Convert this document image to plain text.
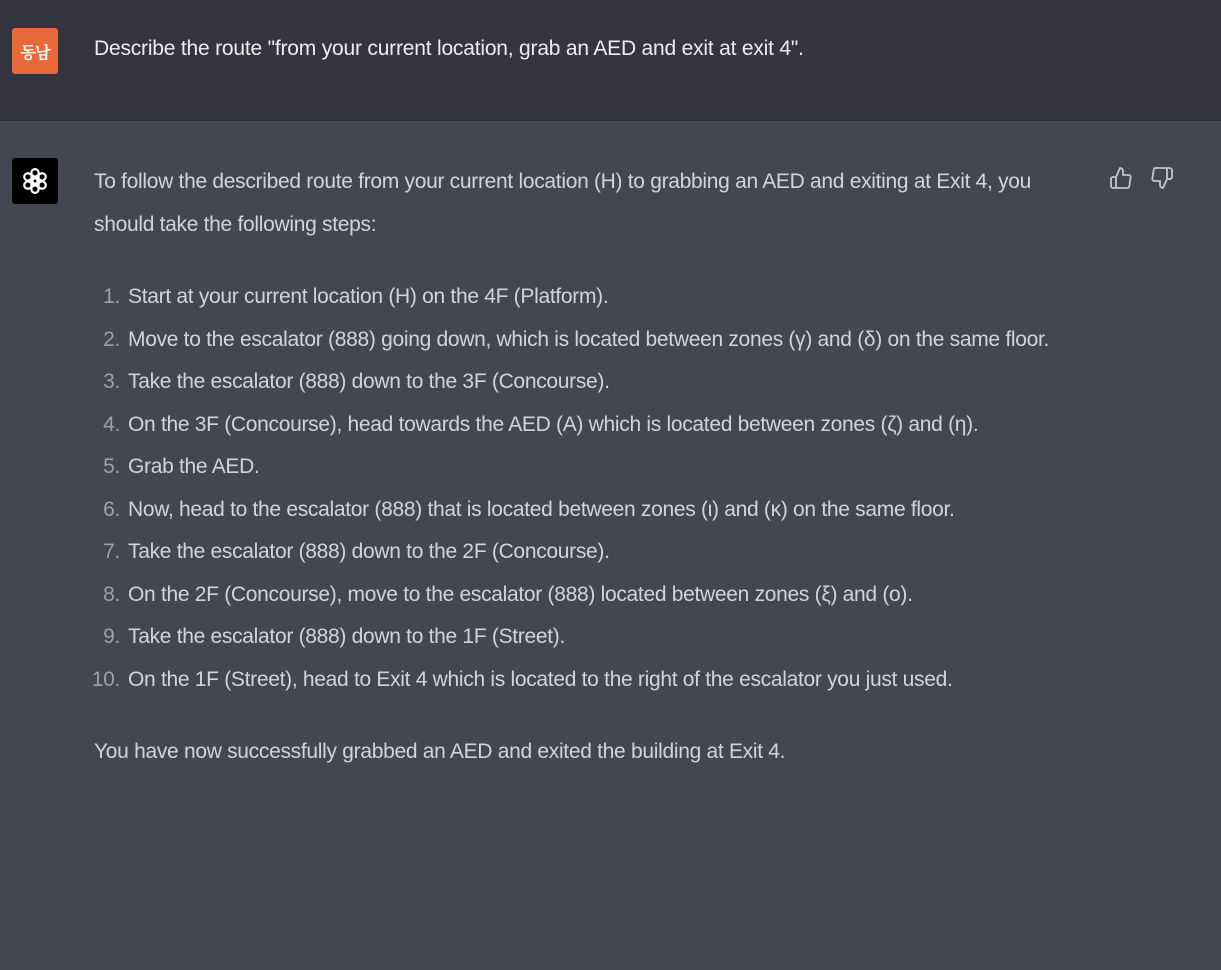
동남 Describe the route "from your current location, grab an AED and exit at exit 4".

To follow the described route from your current location (H) to grabbing an AED and exiting at Exit 4, you should take the following steps:

1. Start at your current location (H) on the 4F (Platform).
2. Move to the escalator (888) going down, which is located between zones (γ) and (δ) on the same floor.
3. Take the escalator (888) down to the 3F (Concourse).
4. On the 3F (Concourse), head towards the AED (A) which is located between zones (ζ) and (η).
5. Grab the AED.
6. Now, head to the escalator (888) that is located between zones (ι) and (κ) on the same floor.
7. Take the escalator (888) down to the 2F (Concourse).
8. On the 2F (Concourse), move to the escalator (888) located between zones (ξ) and (ο).
9. Take the escalator (888) down to the 1F (Street).
10. On the 1F (Street), head to Exit 4 which is located to the right of the escalator you just used.

You have now successfully grabbed an AED and exited the building at Exit 4.
